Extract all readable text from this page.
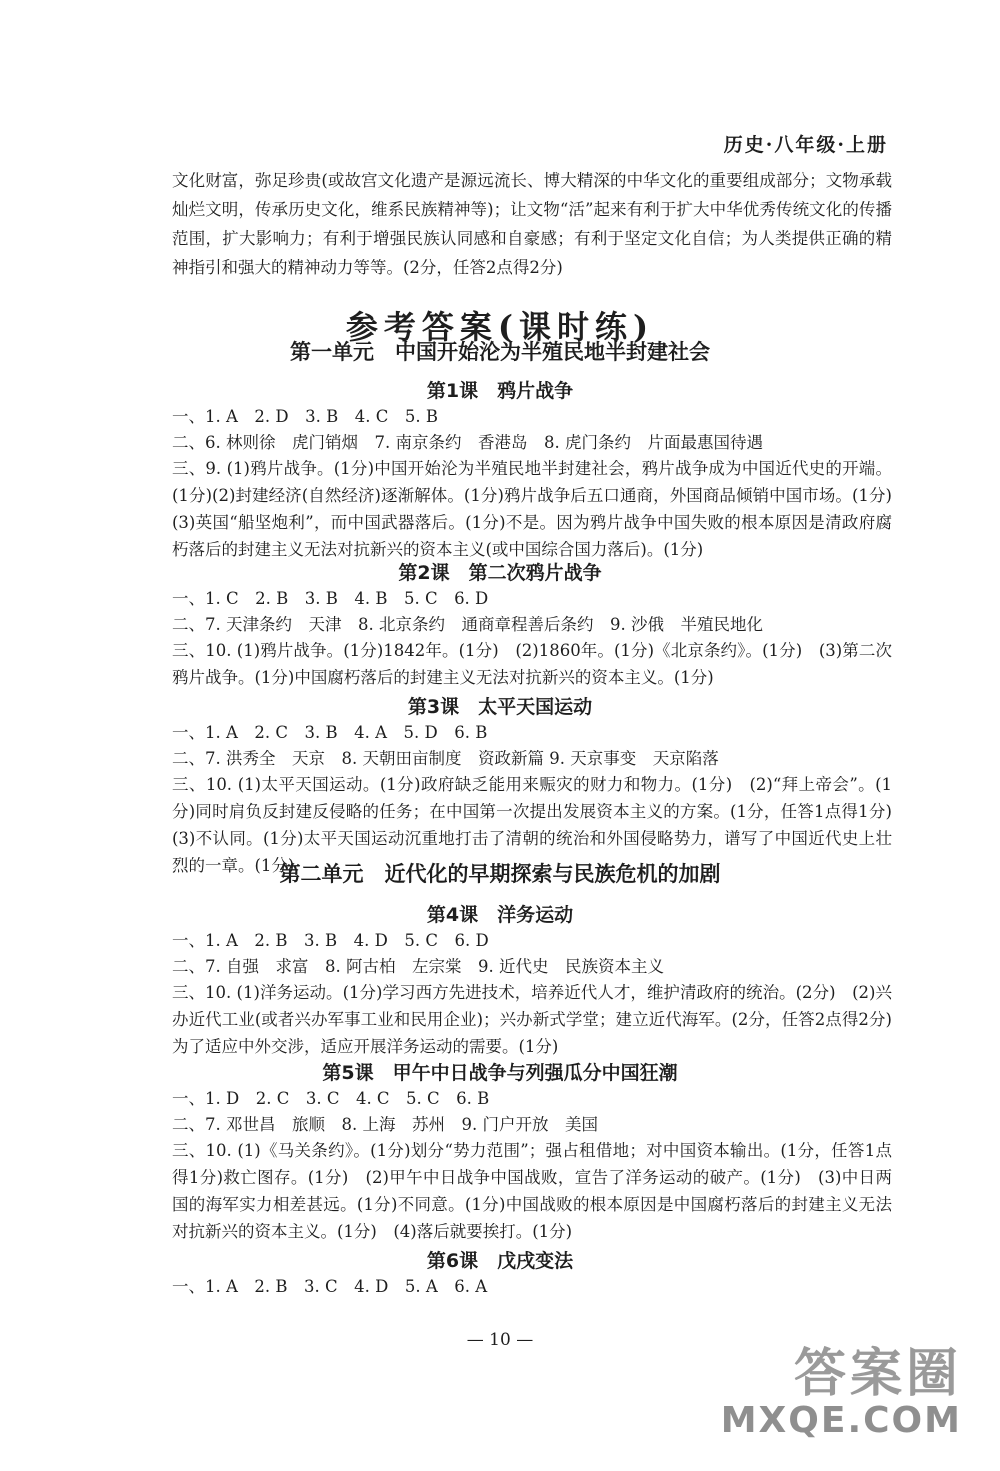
历史·八年级·上册
文化财富，弥足珍贵(或故宫文化遗产是源远流长、博大精深的中华文化的重要组成部分；文物承载灿烂文明，传承历史文化，维系民族精神等)；让文物“活”起来有利于扩大中华优秀传统文化的传播范围，扩大影响力；有利于增强民族认同感和自豪感；有利于坚定文化自信；为人类提供正确的精神指引和强大的精神动力等等。(2分，任答2点得2分)
参考答案(课时练)
第一单元　中国开始沦为半殖民地半封建社会
第1课　鸦片战争
一、1. A　2. D　3. B　4. C　5. B
二、6. 林则徐　虎门销烟　7. 南京条约　香港岛　8. 虎门条约　片面最惠国待遇
三、9. (1)鸦片战争。(1分)中国开始沦为半殖民地半封建社会，鸦片战争成为中国近代史的开端。(1分)(2)封建经济(自然经济)逐渐解体。(1分)鸦片战争后五口通商，外国商品倾销中国市场。(1分)　(3)英国“船坚炮利”，而中国武器落后。(1分)不是。因为鸦片战争中国失败的根本原因是清政府腐朽落后的封建主义无法对抗新兴的资本主义(或中国综合国力落后)。(1分)
第2课　第二次鸦片战争
一、1. C　2. B　3. B　4. B　5. C　6. D
二、7. 天津条约　天津　8. 北京条约　通商章程善后条约　9. 沙俄　半殖民地化
三、10. (1)鸦片战争。(1分)1842年。(1分)　(2)1860年。(1分)《北京条约》。(1分)　(3)第二次鸦片战争。(1分)中国腐朽落后的封建主义无法对抗新兴的资本主义。(1分)
第3课　太平天国运动
一、1. A　2. C　3. B　4. A　5. D　6. B
二、7. 洪秀全　天京　8. 天朝田亩制度　资政新篇 9. 天京事变　天京陷落
三、10. (1)太平天国运动。(1分)政府缺乏能用来赈灾的财力和物力。(1分)　(2)“拜上帝会”。(1分)同时肩负反封建反侵略的任务；在中国第一次提出发展资本主义的方案。(1分，任答1点得1分)　(3)不认同。(1分)太平天国运动沉重地打击了清朝的统治和外国侵略势力，谱写了中国近代史上壮烈的一章。(1分)
第二单元　近代化的早期探索与民族危机的加剧
第4课　洋务运动
一、1. A　2. B　3. B　4. D　5. C　6. D
二、7. 自强　求富　8. 阿古柏　左宗棠　9. 近代史　民族资本主义
三、10. (1)洋务运动。(1分)学习西方先进技术，培养近代人才，维护清政府的统治。(2分)　(2)兴办近代工业(或者兴办军事工业和民用企业)；兴办新式学堂；建立近代海军。(2分，任答2点得2分)为了适应中外交涉，适应开展洋务运动的需要。(1分)
第5课　甲午中日战争与列强瓜分中国狂潮
一、1. D　2. C　3. C　4. C　5. C　6. B
二、7. 邓世昌　旅顺　8. 上海　苏州　9. 门户开放　美国
三、10. (1)《马关条约》。(1分)划分“势力范围”；强占租借地；对中国资本输出。(1分，任答1点得1分)救亡图存。(1分)　(2)甲午中日战争中国战败，宣告了洋务运动的破产。(1分)　(3)中日两国的海军实力相差甚远。(1分)不同意。(1分)中国战败的根本原因是中国腐朽落后的封建主义无法对抗新兴的资本主义。(1分)　(4)落后就要挨打。(1分)
第6课　戊戌变法
一、1. A　2. B　3. C　4. D　5. A　6. A
— 10 —
答案圈
MXQE.COM
